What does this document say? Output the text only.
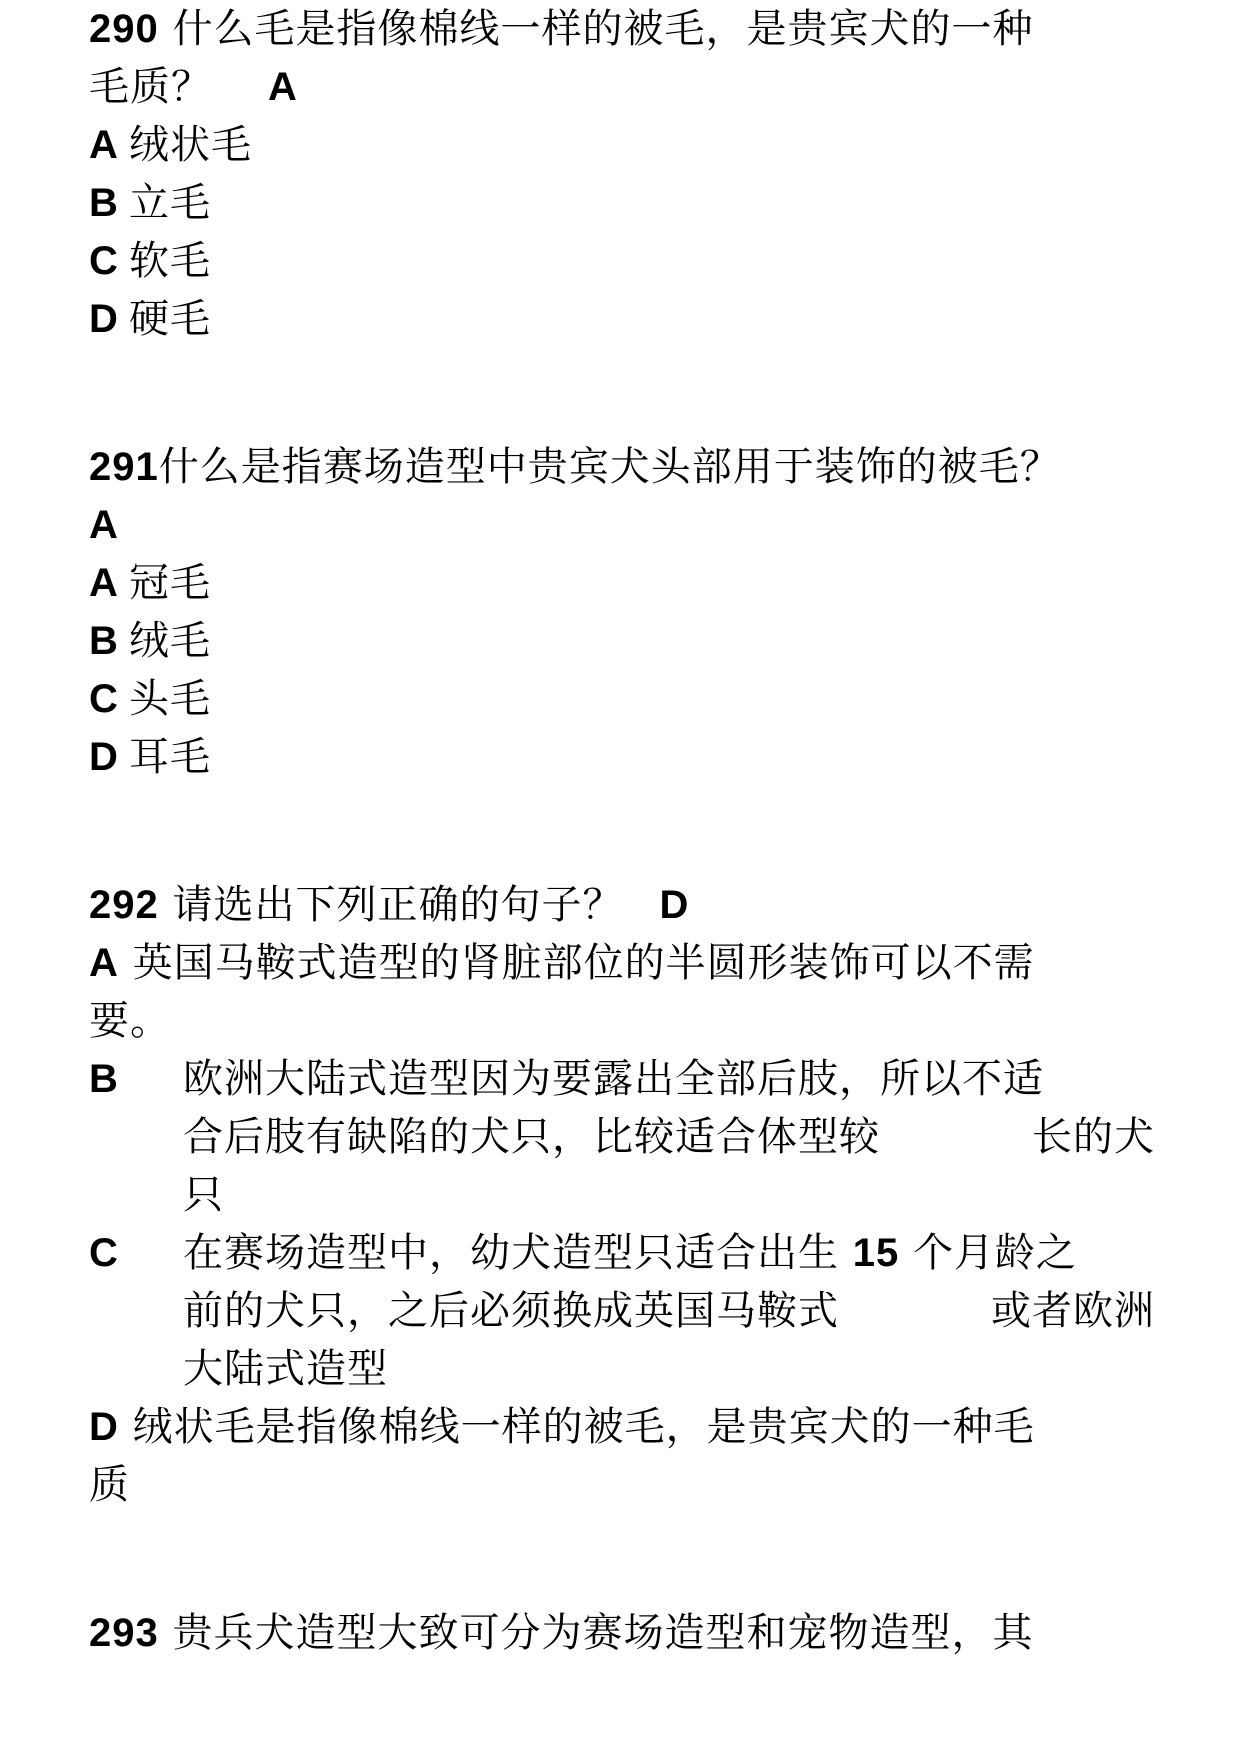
290 什么毛是指像棉线一样的被毛，是贵宾犬的一种
毛质？ A
A 绒状毛
B 立毛
C 软毛
D 硬毛
291什么是指赛场造型中贵宾犬头部用于装饰的被毛？
A
A 冠毛
B 绒毛
C 头毛
D 耳毛
292 请选出下列正确的句子？ D
A 英国马鞍式造型的肾脏部位的半圆形装饰可以不需
要。
B	欧洲大陆式造型因为要露出全部后肢，所以不适
合后肢有缺陷的犬只，比较适合体型较	长的犬
只
C	在赛场造型中，幼犬造型只适合出生 15 个月龄之
前的犬只，之后必须换成英国马鞍式	或者欧洲
大陆式造型
D 绒状毛是指像棉线一样的被毛，是贵宾犬的一种毛
质
293 贵兵犬造型大致可分为赛场造型和宠物造型，其
